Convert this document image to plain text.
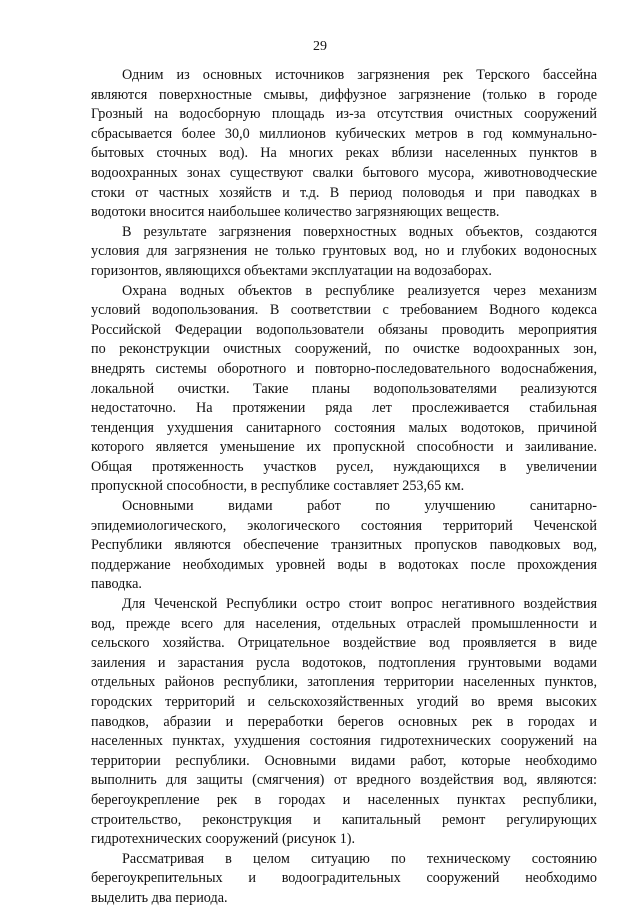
29

Одним из основных источников загрязнения рек Терского бассейна

являются поверхностные смывы, диффузное загрязнение (только в городе

Грозный на водосборную площадь из-за отсутствия очистных сооружений

сбрасывается более 30,0 миллионов кубических метров в год коммунально-

бытовых сточных вод). На многих реках вблизи населенных пунктов в

водоохранных зонах существуют свалки бытового мусора, животноводческие

стоки от частных хозяйств и т.д. В период половодья и при паводках в

водотоки вносится наибольшее количество загрязняющих веществ.

В результате загрязнения поверхностных водных объектов, создаются

условия для загрязнения не только грунтовых вод, но и глубоких водоносных

горизонтов, являющихся объектами эксплуатации на водозаборах.

Охрана водных объектов в республике реализуется через механизм

условий водопользования. В соответствии с требованием Водного кодекса

Российской Федерации водопользователи обязаны проводить мероприятия

по реконструкции очистных сооружений, по очистке водоохранных зон,

внедрять системы оборотного и повторно-последовательного водоснабжения,

локальной очистки. Такие планы водопользователями реализуются

недостаточно. На протяжении ряда лет прослеживается стабильная

тенденция ухудшения санитарного состояния малых водотоков, причиной

которого является уменьшение их пропускной способности и заиливание.

Общая протяженность участков русел, нуждающихся в увеличении

пропускной способности, в республике составляет 253,65 км.

Основными видами работ по улучшению санитарно-

эпидемиологического, экологического состояния территорий Чеченской

Республики являются обеспечение транзитных пропусков паводковых вод,

поддержание необходимых уровней воды в водотоках после прохождения

паводка.

Для Чеченской Республики остро стоит вопрос негативного воздействия

вод, прежде всего для населения, отдельных отраслей промышленности и

сельского хозяйства. Отрицательное воздействие вод проявляется в виде

заиления и зарастания русла водотоков, подтопления грунтовыми водами

отдельных районов республики, затопления территории населенных пунктов,

городских территорий и сельскохозяйственных угодий во время высоких

паводков, абразии и переработки берегов основных рек в городах и

населенных пунктах, ухудшения состояния гидротехнических сооружений на

территории республики. Основными видами работ, которые необходимо

выполнить для защиты (смягчения) от вредного воздействия вод, являются:

берегоукрепление рек в городах и населенных пунктах республики,

строительство, реконструкция и капитальный ремонт регулирующих

гидротехнических сооружений (рисунок 1).

Рассматривая в целом ситуацию по техническому состоянию

берегоукрепительных и водооградительных сооружений необходимо

выделить два периода.
